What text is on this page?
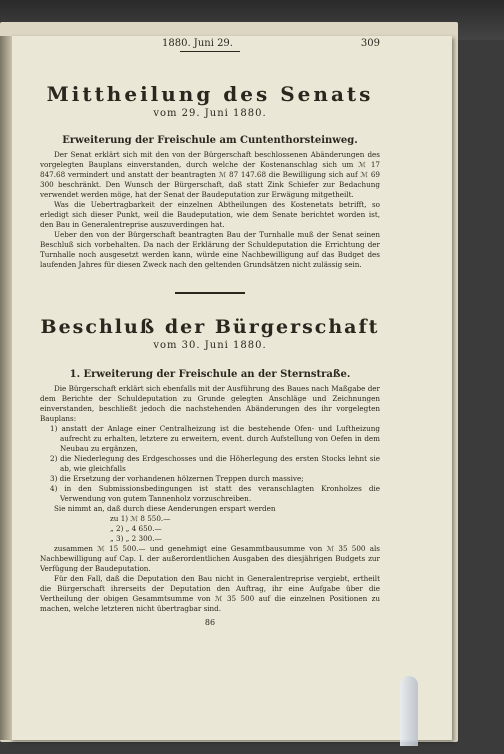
1880. Juni 29.	309
Mittheilung des Senats
vom 29. Juni 1880.
Erweiterung der Freischule am Cuntenthorsteinweg.

Der Senat erklärt sich mit den von der Bürgerschaft beschlossenen Abänderungen des vorgelegten Bauplans einverstanden, durch welche der Kostenanschlag sich um ℳ 17 847.68 vermindert und anstatt der beantragten ℳ 87 147.68 die Bewilligung sich auf ℳ 69 300 beschränkt. Den Wunsch der Bürgerschaft, daß statt Zink Schiefer zur Bedachung verwendet werden möge, hat der Senat der Baudeputation zur Erwägung mitgetheilt.

Was die Uebertragbarkeit der einzelnen Abtheilungen des Kostenetats betrifft, so erledigt sich dieser Punkt, weil die Baudeputation, wie dem Senate berichtet worden ist, den Bau in Generalentreprise auszuverdingen hat.

Ueber den von der Bürgerschaft beantragten Bau der Turnhalle muß der Senat seinen Beschluß sich vorbehalten. Da nach der Erklärung der Schuldeputation die Errichtung der Turnhalle noch ausgesetzt werden kann, würde eine Nachbewilligung auf das Budget des laufenden Jahres für diesen Zweck nach den geltenden Grundsätzen nicht zulässig sein.

Beschluß der Bürgerschaft
vom 30. Juni 1880.
1. Erweiterung der Freischule an der Sternstraße.

Die Bürgerschaft erklärt sich ebenfalls mit der Ausführung des Baues nach Maßgabe der dem Berichte der Schuldeputation zu Grunde gelegten Anschläge und Zeichnungen einverstanden, beschließt jedoch die nachstehenden Abänderungen des ihr vorgelegten Bauplans:

1) anstatt der Anlage einer Centralheizung ist die bestehende Ofen- und Luftheizung aufrecht zu erhalten, letztere zu erweitern, event. durch Aufstellung von Oefen in dem Neubau zu ergänzen,
2) die Niederlegung des Erdgeschosses und die Höherlegung des ersten Stocks lehnt sie ab, wie gleichfalls
3) die Ersetzung der vorhandenen hölzernen Treppen durch massive;
4) in den Submissionsbedingungen ist statt des veranschlagten Kronholzes die Verwendung von gutem Tannenholz vorzuschreiben.

Sie nimmt an, daß durch diese Aenderungen erspart werden

zu 1) ℳ 8 550.—
„ 2) „ 4 650.—
„ 3) „ 2 300.—

zusammen ℳ 15 500.— und genehmigt eine Gesammtbausumme von ℳ 35 500 als Nachbewilligung auf Cap. I. der außerordentlichen Ausgaben des diesjährigen Budgets zur Verfügung der Baudeputation.

Für den Fall, daß die Deputation den Bau nicht in Generalentreprise vergiebt, ertheilt die Bürgerschaft ihrerseits der Deputation den Auftrag, ihr eine Aufgabe über die Vertheilung der obigen Gesammtsumme von ℳ 35 500 auf die einzelnen Positionen zu machen, welche letzteren nicht übertragbar sind.

86
